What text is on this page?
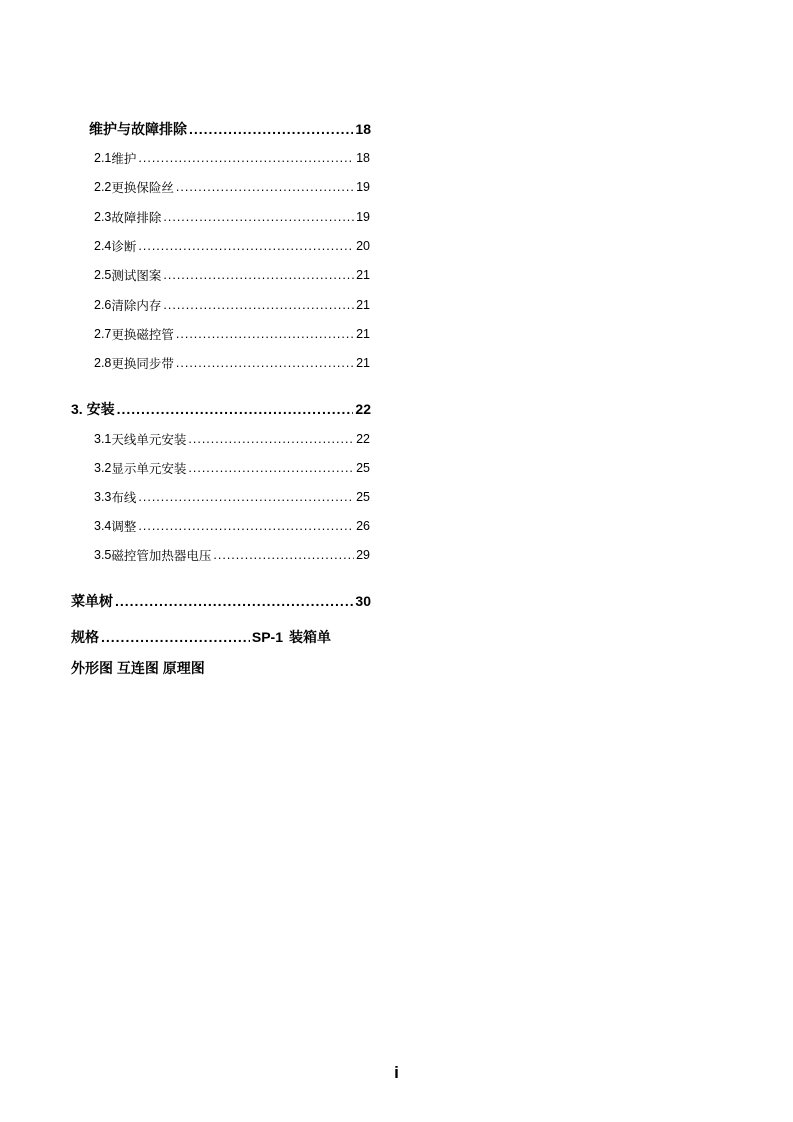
维护与故障排除 .....	18
2.1 维护 .....	18
2.2 更换保险丝 .....	19
2.3 故障排除 .....	19
2.4 诊断 .....	20
2.5 测试图案 .....	21
2.6 清除内存 .....	21
2.7 更换磁控管 .....	21
2.8 更换同步带 .....	21
3. 安装 .....	22
3.1 天线单元安装 .....	22
3.2 显示单元安装 .....	25
3.3 布线 .....	25
3.4 调整 .....	26
3.5 磁控管加热器电压 .....	29
菜单树 .....	30
规格 .....	SP-1 装箱单
外形图 互连图 原理图
i
